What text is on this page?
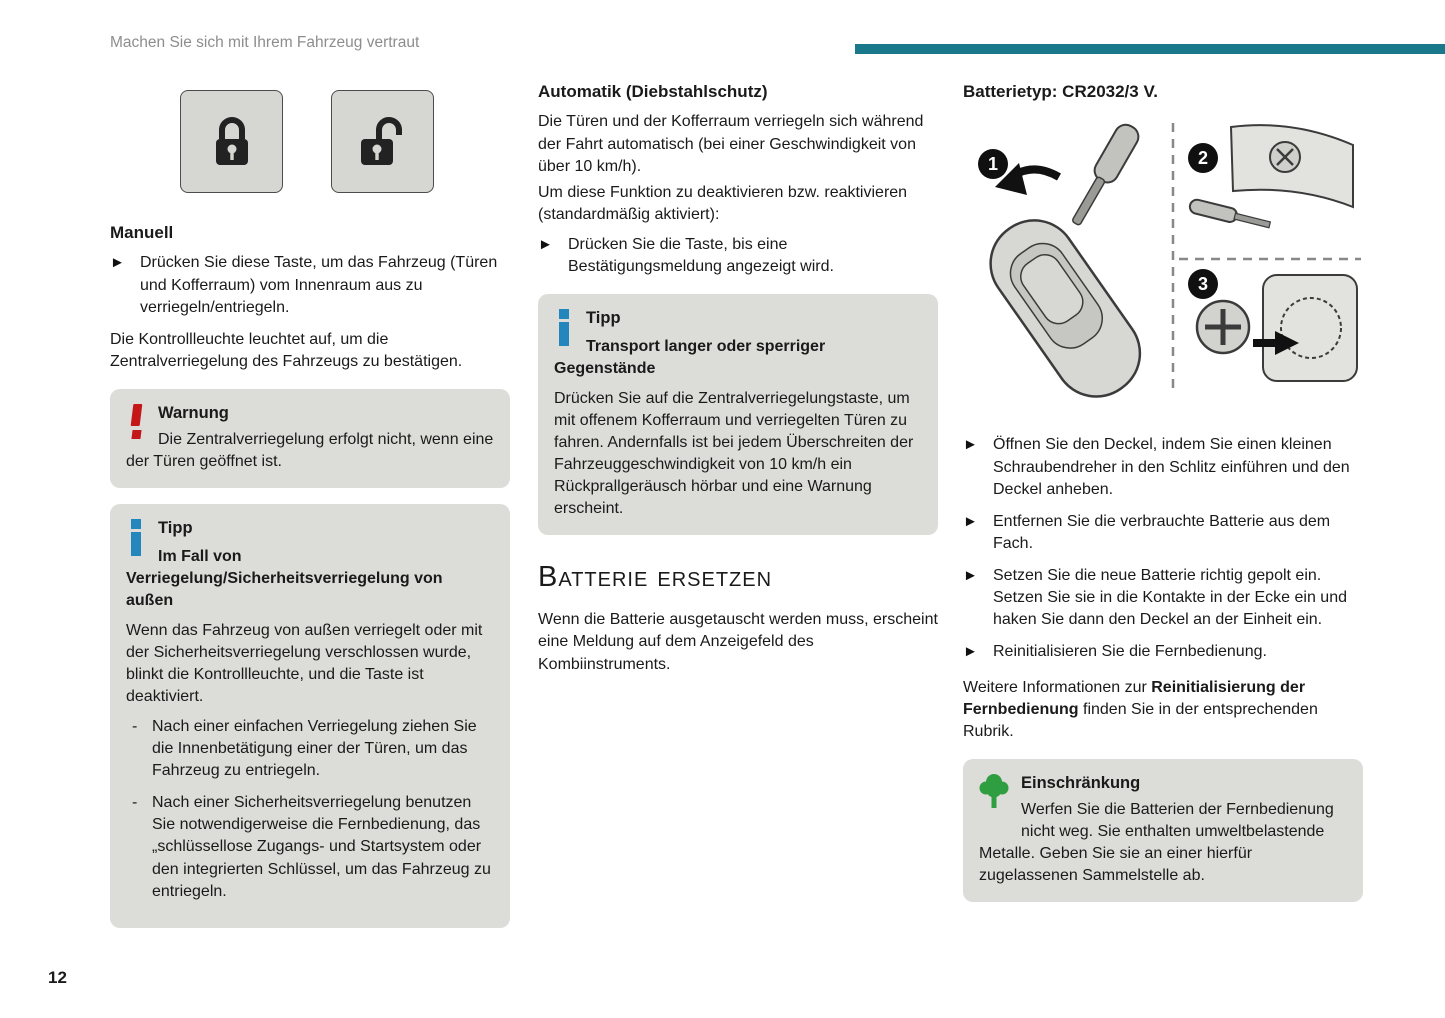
Machen Sie sich mit Ihrem Fahrzeug vertraut
Manuell
► Drücken Sie diese Taste, um das Fahrzeug (Türen und Kofferraum) vom Innenraum aus zu verriegeln/entriegeln.

Die Kontrollleuchte leuchtet auf, um die Zentralverriegelung des Fahrzeugs zu bestätigen.

Warnung

Die Zentralverriegelung erfolgt nicht, wenn eine der Türen geöffnet ist.

Tipp
Im Fall von Verriegelung/Sicherheitsverriegelung von außen

Wenn das Fahrzeug von außen verriegelt oder mit der Sicherheitsverriegelung verschlossen wurde, blinkt die Kontrollleuchte, und die Taste ist deaktiviert.

- Nach einer einfachen Verriegelung ziehen Sie die Innenbetätigung einer der Türen, um das Fahrzeug zu entriegeln.
- Nach einer Sicherheitsverriegelung benutzen Sie notwendigerweise die Fernbedienung, das „schlüssellose Zugangs- und Startsystem oder den integrierten Schlüssel, um das Fahrzeug zu entriegeln.
Automatik (Diebstahlschutz)

Die Türen und der Kofferraum verriegeln sich während der Fahrt automatisch (bei einer Geschwindigkeit von über 10 km/h).

Um diese Funktion zu deaktivieren bzw. reaktivieren (standardmäßig aktiviert):

► Drücken Sie die Taste, bis eine Bestätigungsmeldung angezeigt wird.
Tipp
Transport langer oder sperriger Gegenstände

Drücken Sie auf die Zentralverriegelungstaste, um mit offenem Kofferraum und verriegelten Türen zu fahren. Andernfalls ist bei jedem Überschreiten der Fahrzeuggeschwindigkeit von 10 km/h ein Rückprallgeräusch hörbar und eine Warnung erscheint.

Batterie ersetzen

Wenn die Batterie ausgetauscht werden muss, erscheint eine Meldung auf dem Anzeigefeld des Kombiinstruments.

Batterietyp: CR2032/3 V.
1	2
3
► Öffnen Sie den Deckel, indem Sie einen kleinen Schraubendreher in den Schlitz einführen und den Deckel anheben.
► Entfernen Sie die verbrauchte Batterie aus dem Fach.
► Setzen Sie die neue Batterie richtig gepolt ein. Setzen Sie sie in die Kontakte in der Ecke ein und haken Sie dann den Deckel an der Einheit ein.
► Reinitialisieren Sie die Fernbedienung.

Weitere Informationen zur Reinitialisierung der Fernbedienung finden Sie in der entsprechenden Rubrik.

Einschränkung

Werfen Sie die Batterien der Fernbedienung nicht weg. Sie enthalten umweltbelastende Metalle. Geben Sie sie an einer hierfür zugelassenen Sammelstelle ab.

12
